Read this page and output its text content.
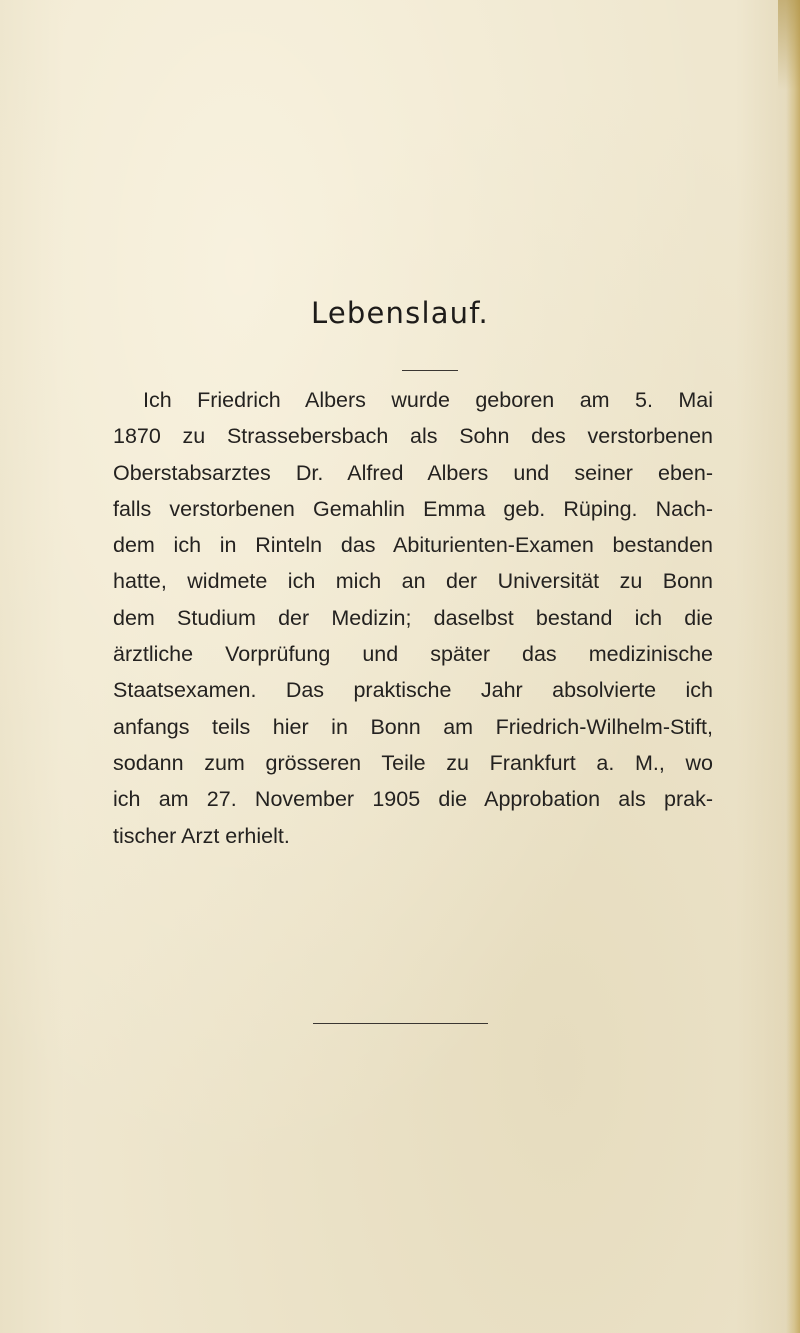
Lebenslauf.
Ich Friedrich Albers wurde geboren am 5. Mai
1870 zu Strassebersbach als Sohn des verstorbenen
Oberstabsarztes Dr. Alfred Albers und seiner eben-
falls verstorbenen Gemahlin Emma geb. Rüping. Nach-
dem ich in Rinteln das Abiturienten-Examen bestanden
hatte, widmete ich mich an der Universität zu Bonn
dem Studium der Medizin; daselbst bestand ich die
ärztliche Vorprüfung und später das medizinische
Staatsexamen. Das praktische Jahr absolvierte ich
anfangs teils hier in Bonn am Friedrich-Wilhelm-Stift,
sodann zum grösseren Teile zu Frankfurt a. M., wo
ich am 27. November 1905 die Approbation als prak-
tischer Arzt erhielt.
